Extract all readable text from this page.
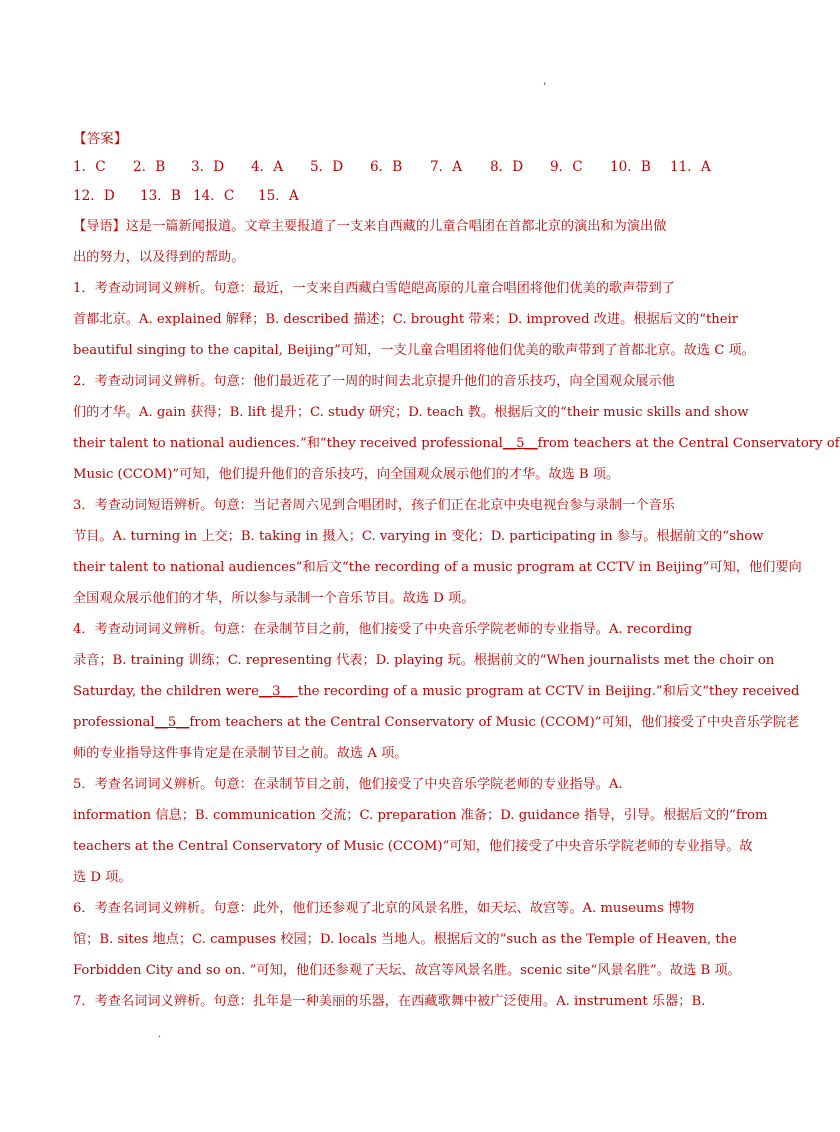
’
【答案】
1．C	2．B	3．D	4．A	5．D	6．B	7．A	8．D	9．C	10．B	11．A
12．D	13．B 14．C	15．A
【导语】这是一篇新闻报道。文章主要报道了一支来自西藏的儿童合唱团在首都北京的演出和为演出做
出的努力，以及得到的帮助。
1．考查动词词义辨析。句意：最近，一支来自西藏白雪皑皑高原的儿童合唱团将他们优美的歌声带到了
首都北京。A. explained 解释；B. described 描述；C. brought 带来；D. improved 改进。根据后文的“their
beautiful singing to the capital, Beijing”可知，一支儿童合唱团将他们优美的歌声带到了首都北京。故选 C 项。
2．考查动词词义辨析。句意：他们最近花了一周的时间去北京提升他们的音乐技巧，向全国观众展示他
们的才华。A. gain 获得；B. lift 提升；C. study 研究；D. teach 教。根据后文的“their music skills and show
their talent to national audiences.”和“they received professional__5__from teachers at the Central Conservatory of
Music (CCOM)”可知，他们提升他们的音乐技巧，向全国观众展示他们的才华。故选 B 项。
3．考查动词短语辨析。句意：当记者周六见到合唱团时，孩子们正在北京中央电视台参与录制一个音乐
节目。A. turning in 上交；B. taking in 摄入；C. varying in 变化；D. participating in 参与。根据前文的“show
their talent to national audiences”和后文“the recording of a music program at CCTV in Beijing”可知，他们要向
全国观众展示他们的才华，所以参与录制一个音乐节目。故选 D 项。
4．考查动词词义辨析。句意：在录制节目之前，他们接受了中央音乐学院老师的专业指导。A. recording
录音；B. training 训练；C. representing 代表；D. playing 玩。根据前文的“When journalists met the choir on
Saturday, the children were__3__ the recording of a music program at CCTV in Beijing.”和后文“they received
professional__5__from teachers at the Central Conservatory of Music (CCOM)”可知，他们接受了中央音乐学院老
师的专业指导这件事肯定是在录制节目之前。故选 A 项。
5．考查名词词义辨析。句意：在录制节目之前，他们接受了中央音乐学院老师的专业指导。A.
information 信息；B. communication 交流；C. preparation 准备；D. guidance 指导，引导。根据后文的“from
teachers at the Central Conservatory of Music (CCOM)”可知，他们接受了中央音乐学院老师的专业指导。故
选 D 项。
6．考查名词词义辨析。句意：此外，他们还参观了北京的风景名胜，如天坛、故宫等。A. museums 博物
馆；B. sites 地点；C. campuses 校园；D. locals 当地人。根据后文的“such as the Temple of Heaven, the
Forbidden City and so on. ”可知，他们还参观了天坛、故宫等风景名胜。scenic site“风景名胜”。故选 B 项。
7．考查名词词义辨析。句意：扎年是一种美丽的乐器，在西藏歌舞中被广泛使用。A. instrument 乐器；B.
.
